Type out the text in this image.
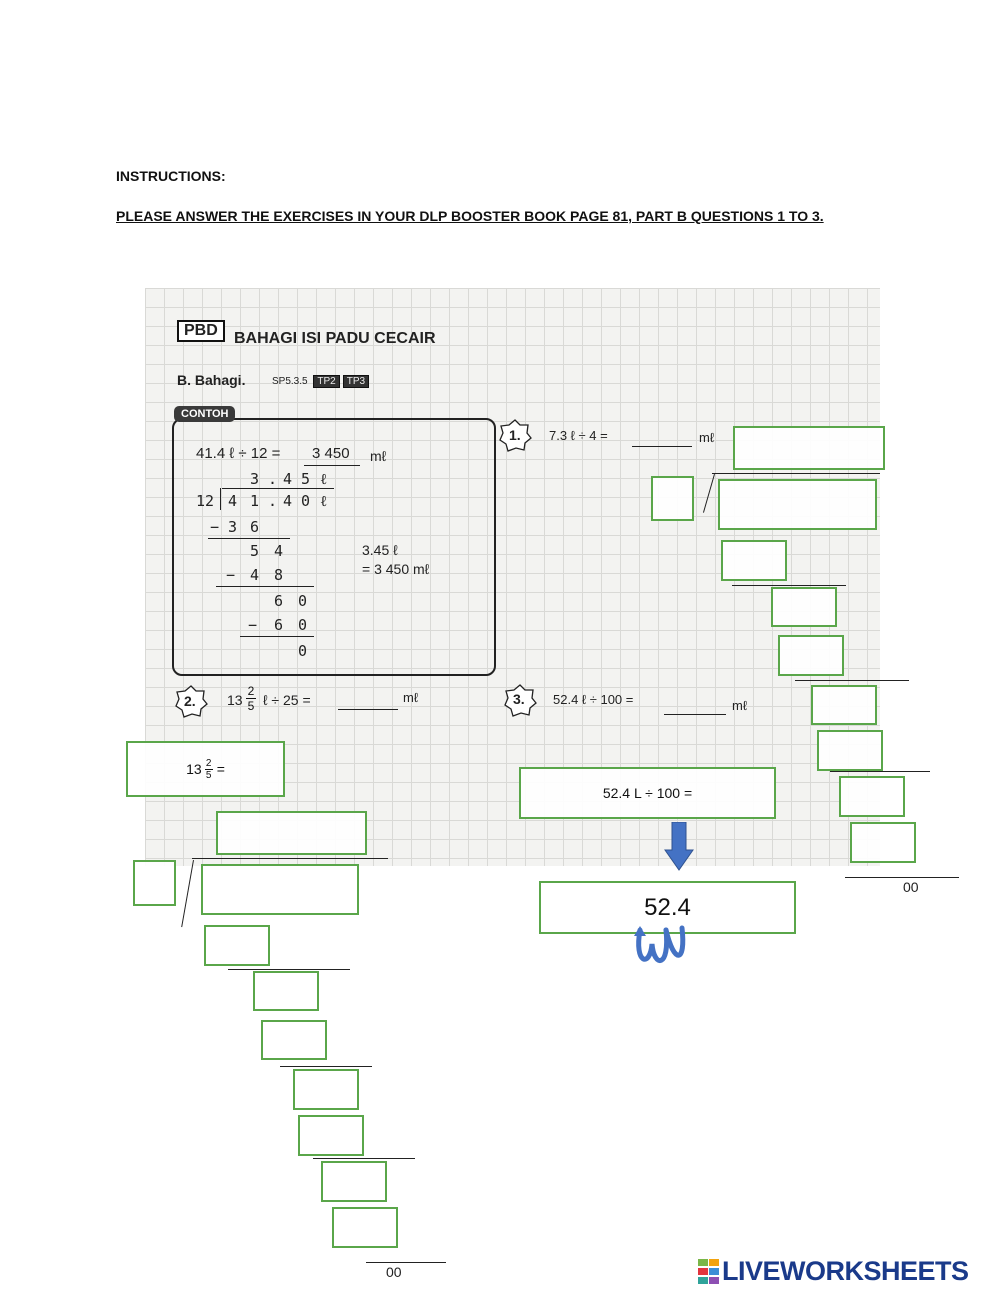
INSTRUCTIONS:
PLEASE ANSWER THE EXERCISES IN YOUR DLP BOOSTER BOOK PAGE 81, PART B QUESTIONS 1 TO 3.
PBD	BAHAGI ISI PADU CECAIR
B. Bahagi.	SP5.3.5 TP2 TP3
CONTOH
41.4 ℓ ÷ 12 = 3 450 mℓ
3 . 4 5 ℓ
12 4 1 . 4 0 ℓ
− 3 6
5 4
− 4 8
6 0
− 6 0
0
3.45 ℓ
= 3 450 mℓ
1. 7.3 ℓ ÷ 4 =	mℓ
2. 13
2
5 ℓ ÷ 25 =	mℓ	3. 52.4 ℓ ÷ 100 =	mℓ
00
13 2
5 =
00
52.4 L ÷ 100 =
52.4
LIVEWORKSHEETS
